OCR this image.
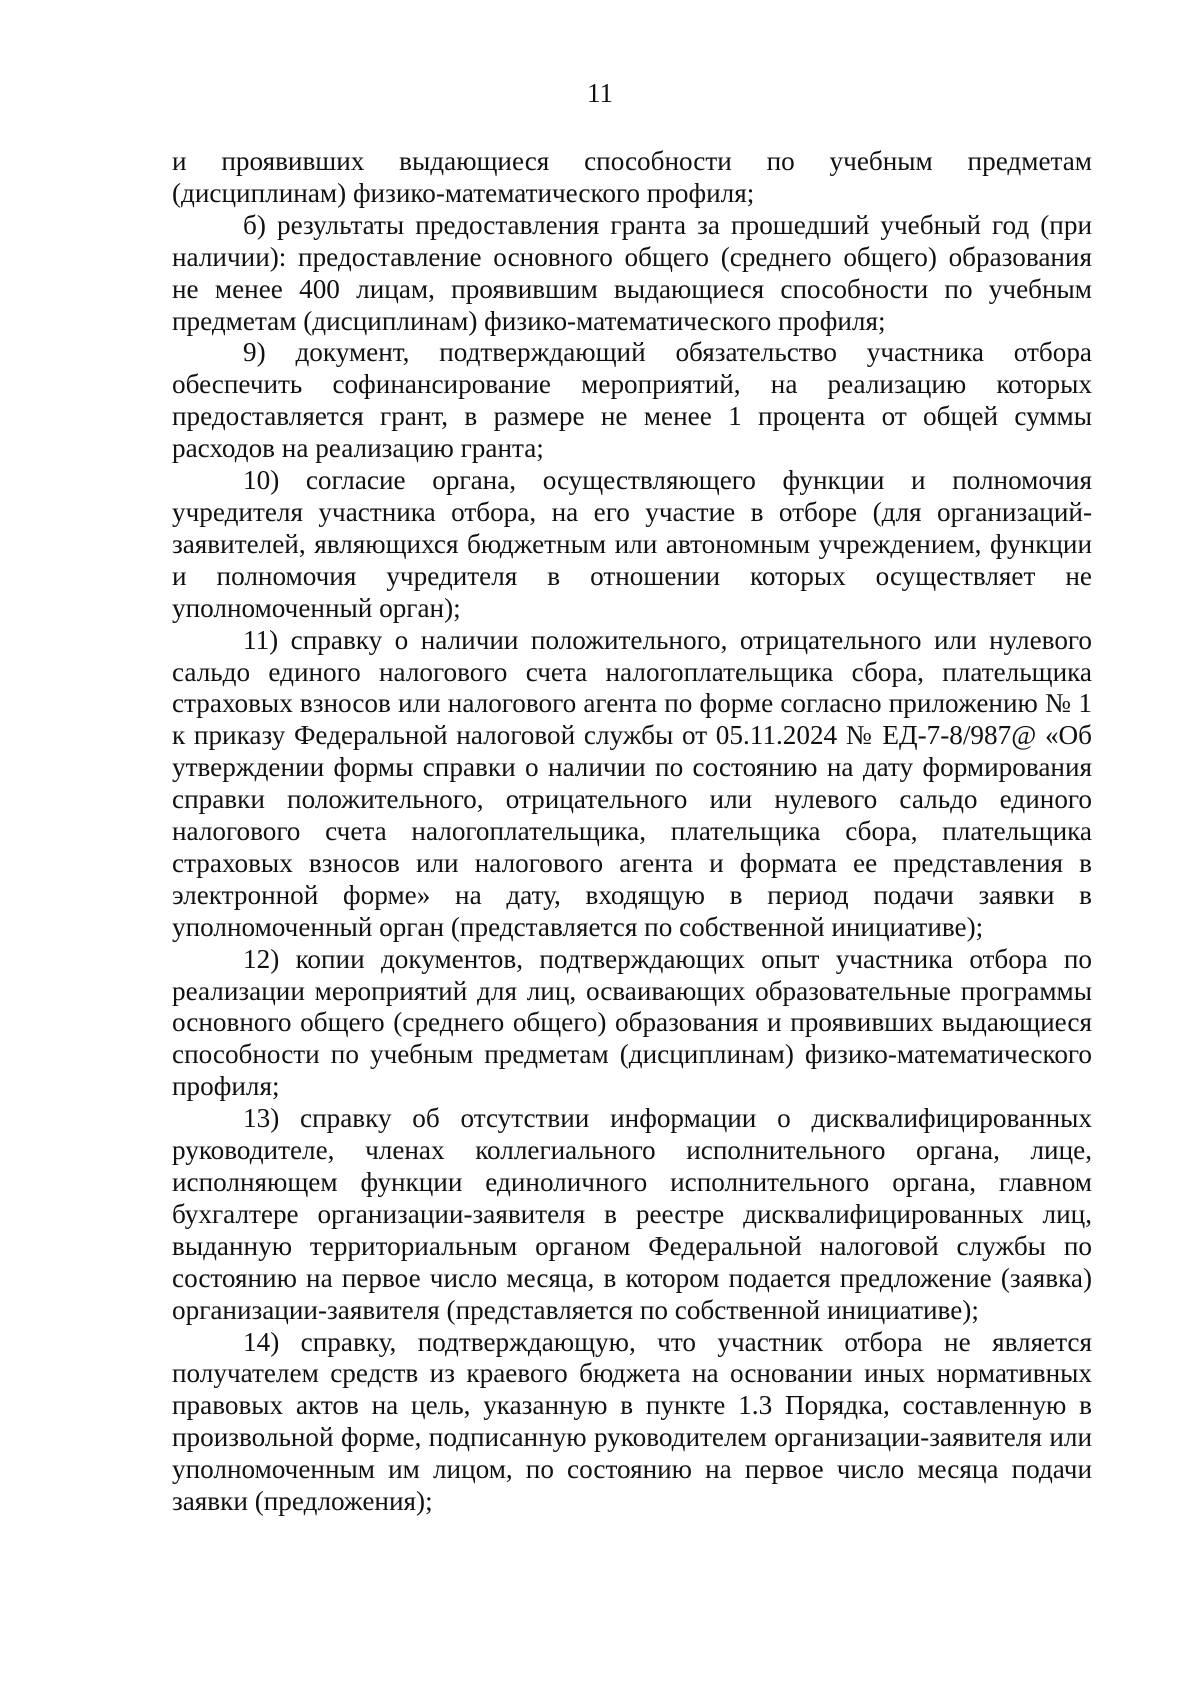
11

и проявивших выдающиеся способности по учебным предметам (дисциплинам) физико-математического профиля;

б) результаты предоставления гранта за прошедший учебный год (при наличии): предоставление основного общего (среднего общего) образования не менее 400 лицам, проявившим выдающиеся способности по учебным предметам (дисциплинам) физико-математического профиля;

9) документ, подтверждающий обязательство участника отбора обеспечить софинансирование мероприятий, на реализацию которых предоставляется грант, в размере не менее 1 процента от общей суммы расходов на реализацию гранта;

10) согласие органа, осуществляющего функции и полномочия учредителя участника отбора, на его участие в отборе (для организаций-заявителей, являющихся бюджетным или автономным учреждением, функции и полномочия учредителя в отношении которых осуществляет не уполномоченный орган);

11) справку о наличии положительного, отрицательного или нулевого сальдо единого налогового счета налогоплательщика сбора, плательщика страховых взносов или налогового агента по форме согласно приложению № 1 к приказу Федеральной налоговой службы от 05.11.2024 № ЕД-7-8/987@ «Об утверждении формы справки о наличии по состоянию на дату формирования справки положительного, отрицательного или нулевого сальдо единого налогового счета налогоплательщика, плательщика сбора, плательщика страховых взносов или налогового агента и формата ее представления в электронной форме» на дату, входящую в период подачи заявки в уполномоченный орган (представляется по собственной инициативе);

12) копии документов, подтверждающих опыт участника отбора по реализации мероприятий для лиц, осваивающих образовательные программы основного общего (среднего общего) образования и проявивших выдающиеся способности по учебным предметам (дисциплинам) физико-математического профиля;

13) справку об отсутствии информации о дисквалифицированных руководителе, членах коллегиального исполнительного органа, лице, исполняющем функции единоличного исполнительного органа, главном бухгалтере организации-заявителя в реестре дисквалифицированных лиц, выданную территориальным органом Федеральной налоговой службы по состоянию на первое число месяца, в котором подается предложение (заявка) организации-заявителя (представляется по собственной инициативе);

14) справку, подтверждающую, что участник отбора не является получателем средств из краевого бюджета на основании иных нормативных правовых актов на цель, указанную в пункте 1.3 Порядка, составленную в произвольной форме, подписанную руководителем организации-заявителя или уполномоченным им лицом, по состоянию на первое число месяца подачи заявки (предложения);
